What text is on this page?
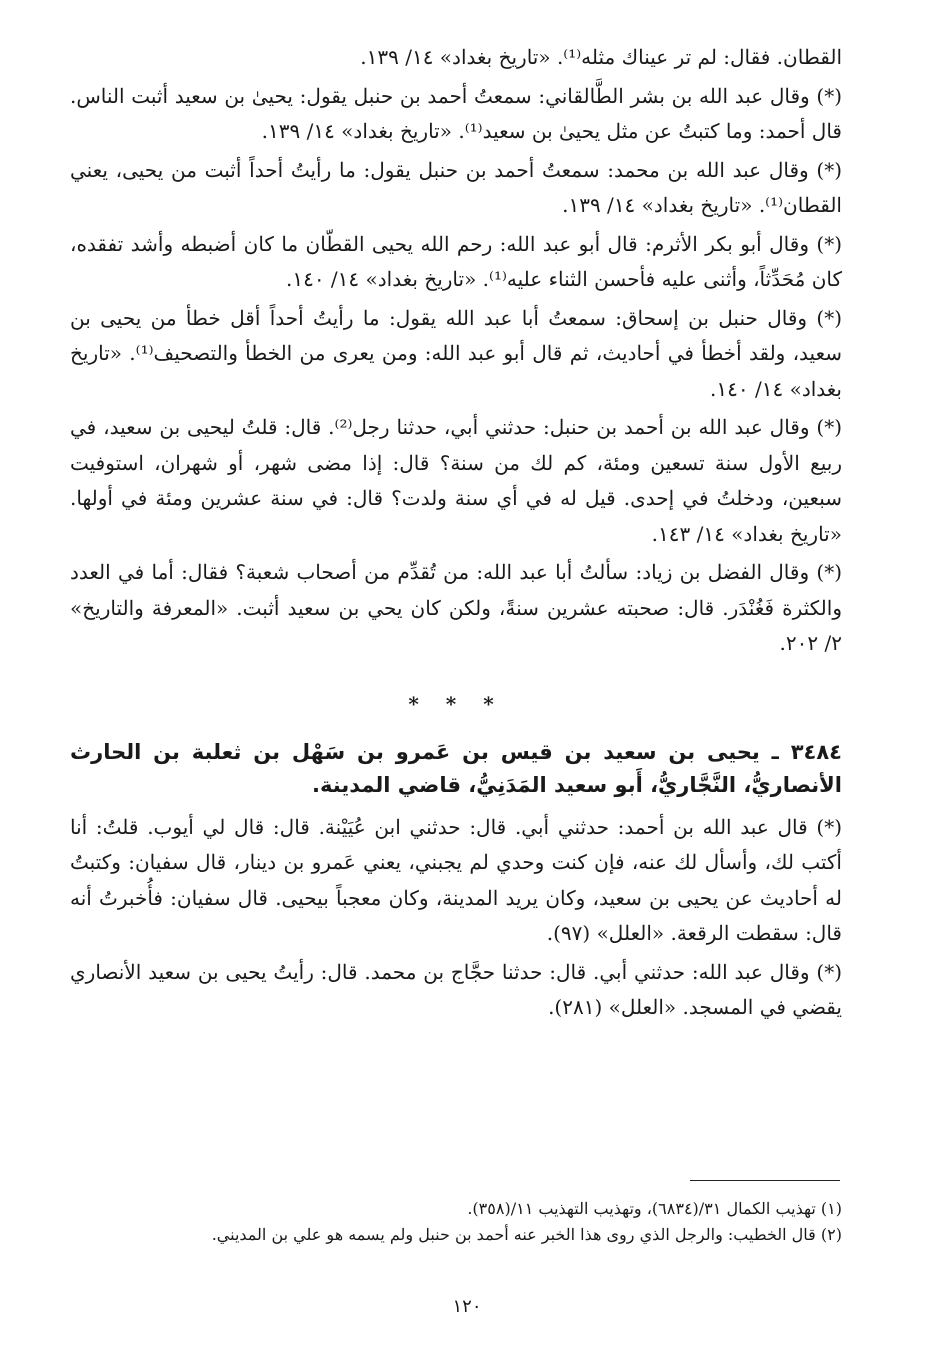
القطان. فقال: لم تر عيناك مثله⁽¹⁾. «تاريخ بغداد» ١٤/ ١٣٩.

(*) وقال عبد الله بن بشر الطَّالقاني: سمعتُ أحمد بن حنبل يقول: يحيىٰ بن سعيد أثبت الناس. قال أحمد: وما كتبتُ عن مثل يحيىٰ بن سعيد⁽¹⁾. «تاريخ بغداد» ١٤/ ١٣٩.

(*) وقال عبد الله بن محمد: سمعتُ أحمد بن حنبل يقول: ما رأيتُ أحداً أثبت من يحيى، يعني القطان⁽¹⁾. «تاريخ بغداد» ١٤/ ١٣٩.

(*) وقال أبو بكر الأثرم: قال أبو عبد الله: رحم الله يحيى القطّان ما كان أضبطه وأشد تفقده، كان مُحَدِّثاً، وأثنى عليه فأحسن الثناء عليه⁽¹⁾. «تاريخ بغداد» ١٤/ ١٤٠.

(*) وقال حنبل بن إسحاق: سمعتُ أبا عبد الله يقول: ما رأيتُ أحداً أقل خطأ من يحيى بن سعيد، ولقد أخطأ في أحاديث، ثم قال أبو عبد الله: ومن يعرى من الخطأ والتصحيف⁽¹⁾. «تاريخ بغداد» ١٤/ ١٤٠.

(*) وقال عبد الله بن أحمد بن حنبل: حدثني أبي، حدثنا رجل⁽²⁾. قال: قلتُ ليحيى بن سعيد، في ربيع الأول سنة تسعين ومئة، كم لك من سنة؟ قال: إذا مضى شهر، أو شهران، استوفيت سبعين، ودخلتُ في إحدى. قيل له في أي سنة ولدت؟ قال: في سنة عشرين ومئة في أولها. «تاريخ بغداد» ١٤/ ١٤٣.

(*) وقال الفضل بن زياد: سألتُ أبا عبد الله: من تُقدِّم من أصحاب شعبة؟ فقال: أما في العدد والكثرة فَغُنْدَر. قال: صحبته عشرين سنةً، ولكن كان يحي بن سعيد أثبت. «المعرفة والتاريخ» ٢/ ٢٠٢.

* * *

٣٤٨٤ ـ يحيى بن سعيد بن قيس بن عَمرو بن سَهْل بن ثعلبة بن الحارث الأنصاريُّ، النَّجَّاريُّ، أَبو سعيد المَدَنِيُّ، قاضي المدينة.

(*) قال عبد الله بن أحمد: حدثني أبي. قال: حدثني ابن عُيَيْنة. قال: قال لي أيوب. قلتُ: أنا أكتب لك، وأسأل لك عنه، فإن كنت وحدي لم يجبني، يعني عَمرو بن دينار، قال سفيان: وكتبتُ له أحاديث عن يحيى بن سعيد، وكان يريد المدينة، وكان معجباً بيحيى. قال سفيان: فأُخبرتُ أنه قال: سقطت الرقعة. «العلل» (٩٧).

(*) وقال عبد الله: حدثني أبي. قال: حدثنا حجَّاج بن محمد. قال: رأيتُ يحيى بن سعيد الأنصاري يقضي في المسجد. «العلل» (٢٨١).

(١) تهذيب الكمال ٣١/(٦٨٣٤)، وتهذيب التهذيب ١١/(٣٥٨).

(٢) قال الخطيب: والرجل الذي روى هذا الخبر عنه أحمد بن حنبل ولم يسمه هو علي بن المديني.

١٢٠
